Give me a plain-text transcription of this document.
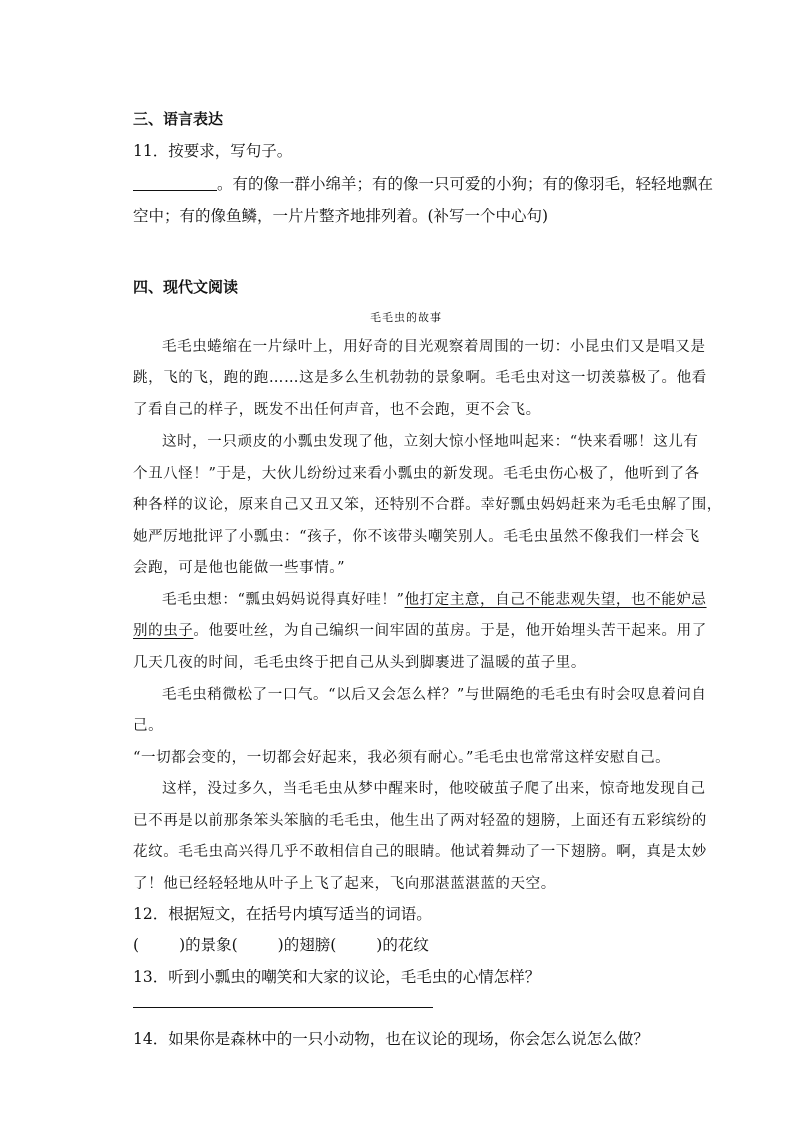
三、语言表达
11．按要求，写句子。
。有的像一群小绵羊；有的像一只可爱的小狗；有的像羽毛，轻轻地飘在
空中；有的像鱼鳞，一片片整齐地排列着。(补写一个中心句)
四、现代文阅读
毛毛虫的故事
毛毛虫蜷缩在一片绿叶上，用好奇的目光观察着周围的一切：小昆虫们又是唱又是
跳，飞的飞，跑的跑……这是多么生机勃勃的景象啊。毛毛虫对这一切羡慕极了。他看
了看自己的样子，既发不出任何声音，也不会跑，更不会飞。
这时，一只顽皮的小瓢虫发现了他，立刻大惊小怪地叫起来：“快来看哪！这儿有
个丑八怪！”于是，大伙儿纷纷过来看小瓢虫的新发现。毛毛虫伤心极了，他听到了各
种各样的议论，原来自己又丑又笨，还特别不合群。幸好瓢虫妈妈赶来为毛毛虫解了围，
她严厉地批评了小瓢虫：“孩子，你不该带头嘲笑别人。毛毛虫虽然不像我们一样会飞
会跑，可是他也能做一些事情。”
毛毛虫想：“瓢虫妈妈说得真好哇！”他打定主意，自己不能悲观失望，也不能妒忌
别的虫子。他要吐丝，为自己编织一间牢固的茧房。于是，他开始埋头苦干起来。用了
几天几夜的时间，毛毛虫终于把自己从头到脚裹进了温暖的茧子里。
毛毛虫稍微松了一口气。“以后又会怎么样？”与世隔绝的毛毛虫有时会叹息着问自
己。
“一切都会变的，一切都会好起来，我必须有耐心。”毛毛虫也常常这样安慰自己。
这样，没过多久，当毛毛虫从梦中醒来时，他咬破茧子爬了出来，惊奇地发现自己
已不再是以前那条笨头笨脑的毛毛虫，他生出了两对轻盈的翅膀，上面还有五彩缤纷的
花纹。毛毛虫高兴得几乎不敢相信自己的眼睛。他试着舞动了一下翅膀。啊，真是太妙
了！他已经轻轻地从叶子上飞了起来，飞向那湛蓝湛蓝的天空。
12．根据短文，在括号内填写适当的词语。
(	)的景象(	)的翅膀(	)的花纹
13．听到小瓢虫的嘲笑和大家的议论，毛毛虫的心情怎样？
14．如果你是森林中的一只小动物，也在议论的现场，你会怎么说怎么做？
